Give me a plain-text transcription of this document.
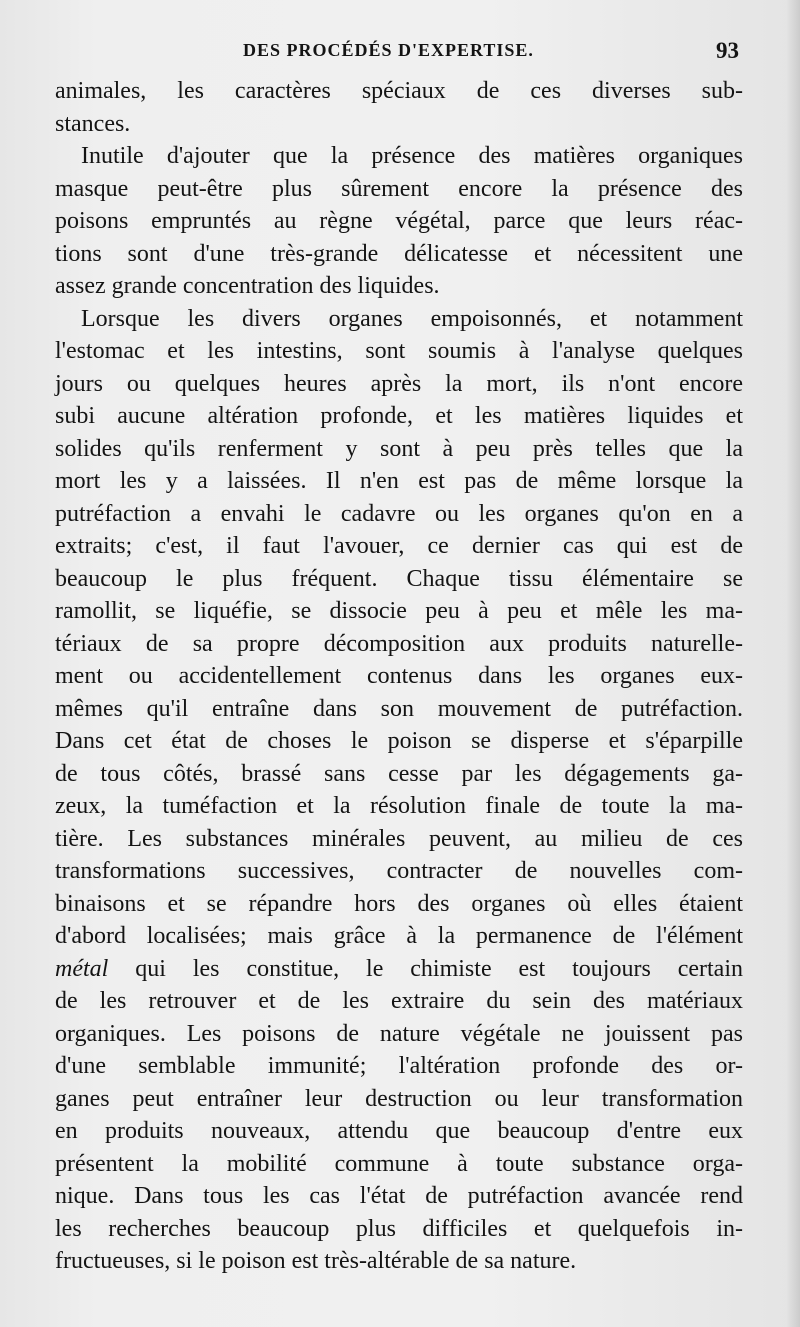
DES PROCÉDÉS D'EXPERTISE.	93
animales, les caractères spéciaux de ces diverses sub-
stances.
Inutile d'ajouter que la présence des matières organiques
masque peut-être plus sûrement encore la présence des
poisons empruntés au règne végétal, parce que leurs réac-
tions sont d'une très-grande délicatesse et nécessitent une
assez grande concentration des liquides.
Lorsque les divers organes empoisonnés, et notamment
l'estomac et les intestins, sont soumis à l'analyse quelques
jours ou quelques heures après la mort, ils n'ont encore
subi aucune altération profonde, et les matières liquides et
solides qu'ils renferment y sont à peu près telles que la
mort les y a laissées. Il n'en est pas de même lorsque la
putréfaction a envahi le cadavre ou les organes qu'on en a
extraits; c'est, il faut l'avouer, ce dernier cas qui est de
beaucoup le plus fréquent. Chaque tissu élémentaire se
ramollit, se liquéfie, se dissocie peu à peu et mêle les ma-
tériaux de sa propre décomposition aux produits naturelle-
ment ou accidentellement contenus dans les organes eux-
mêmes qu'il entraîne dans son mouvement de putréfaction.
Dans cet état de choses le poison se disperse et s'éparpille
de tous côtés, brassé sans cesse par les dégagements ga-
zeux, la tuméfaction et la résolution finale de toute la ma-
tière. Les substances minérales peuvent, au milieu de ces
transformations successives, contracter de nouvelles com-
binaisons et se répandre hors des organes où elles étaient
d'abord localisées; mais grâce à la permanence de l'élément
métal qui les constitue, le chimiste est toujours certain
de les retrouver et de les extraire du sein des matériaux
organiques. Les poisons de nature végétale ne jouissent pas
d'une semblable immunité; l'altération profonde des or-
ganes peut entraîner leur destruction ou leur transformation
en produits nouveaux, attendu que beaucoup d'entre eux
présentent la mobilité commune à toute substance orga-
nique. Dans tous les cas l'état de putréfaction avancée rend
les recherches beaucoup plus difficiles et quelquefois in-
fructueuses, si le poison est très-altérable de sa nature.
